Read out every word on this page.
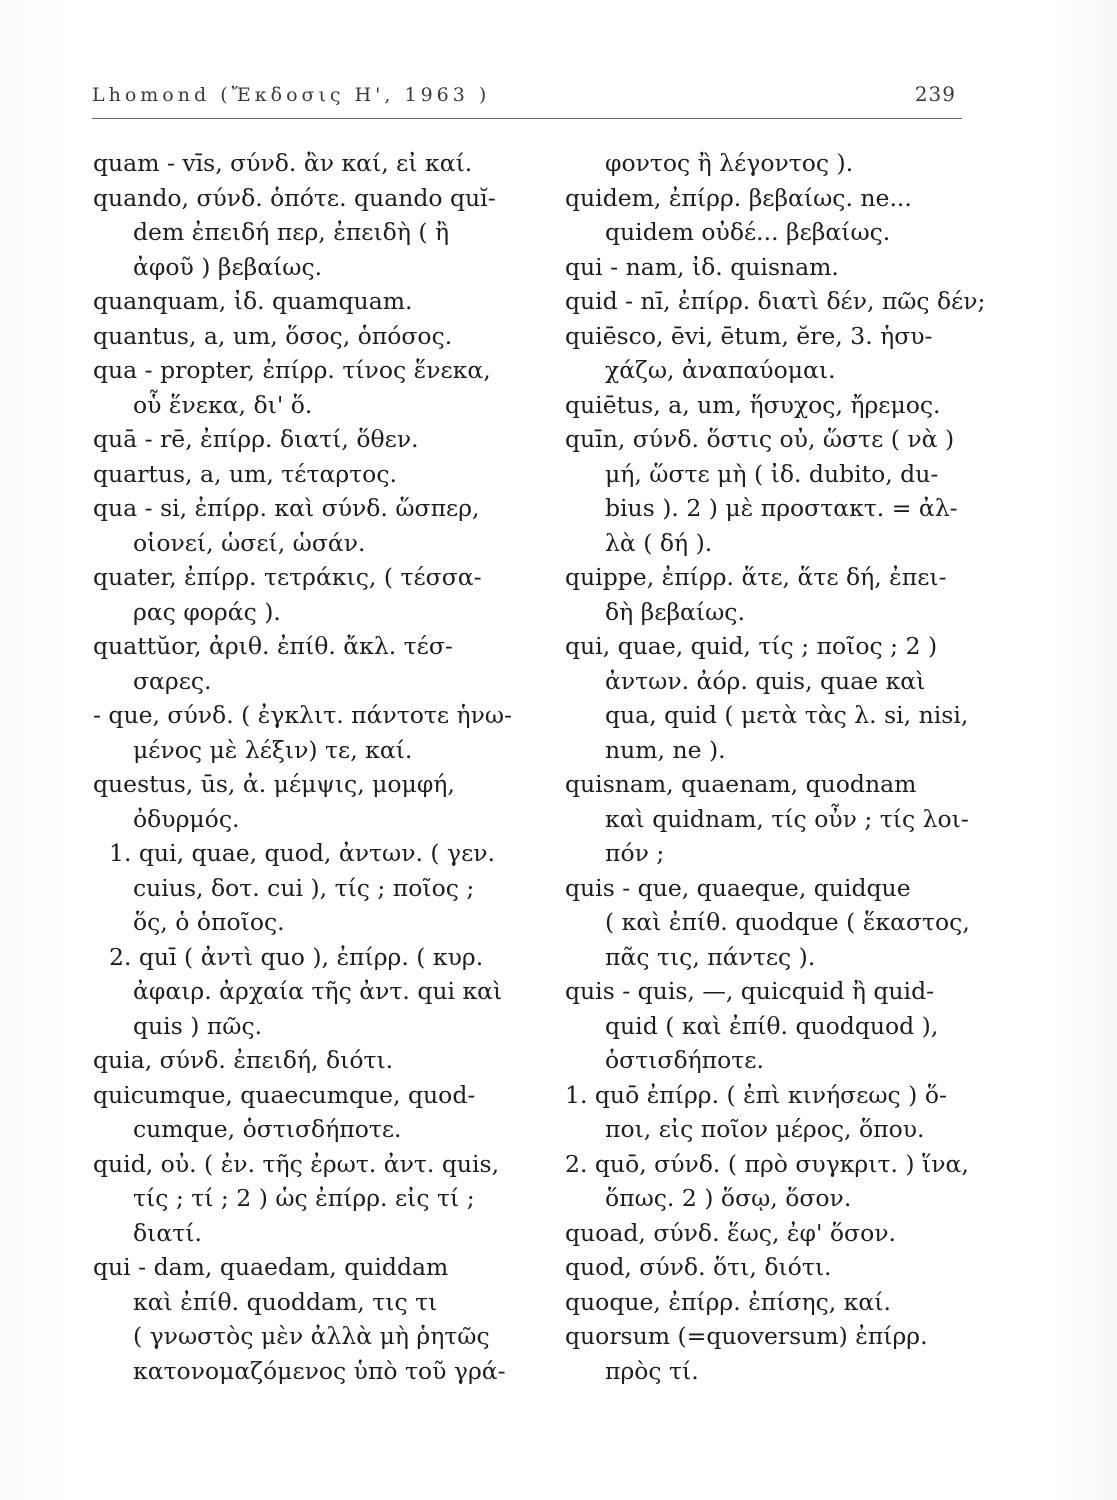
Lhomond (Ἔκδοσις Η', 1963 )	239
quam - vīs, σύνδ. ἂν καί, εἰ καί.
quando, σύνδ. ὁπότε. quando quĭ-
dem ἐπειδή περ, ἐπειδὴ ( ἢ
ἀφοῦ ) βεβαίως.
quanquam, ἰδ. quamquam.
quantus, a, um, ὅσος, ὁπόσος.
qua - propter, ἐπίρρ. τίνος ἕνεκα,
οὗ ἕνεκα, δι' ὅ.
quā - rē, ἐπίρρ. διατί, ὅθεν.
quartus, a, um, τέταρτος.
qua - si, ἐπίρρ. καὶ σύνδ. ὥσπερ,
οἱονεί, ὡσεί, ὡσάν.
quater, ἐπίρρ. τετράκις, ( τέσσα-
ρας φοράς ).
quattŭor, ἀριθ. ἐπίθ. ἄκλ. τέσ-
σαρες.
- que, σύνδ. ( ἐγκλιτ. πάντοτε ἡνω-
μένος μὲ λέξιν) τε, καί.
questus, ūs, ἀ. μέμψις, μομφή,
ὀδυρμός.
1. qui, quae, quod, ἀντων. ( γεν.
cuius, δοτ. cui ), τίς ; ποῖος ;
ὅς, ὁ ὁποῖος.
2. quī ( ἀντὶ quo ), ἐπίρρ. ( κυρ.
ἀφαιρ. ἀρχαία τῆς ἀντ. qui καὶ
quis ) πῶς.
quia, σύνδ. ἐπειδή, διότι.
quicumque, quaecumque, quod-
cumque, ὁστισδήποτε.
quid, οὐ. ( ἐν. τῆς ἐρωτ. ἀντ. quis,
τίς ; τί ; 2 ) ὡς ἐπίρρ. εἰς τί ;
διατί.
qui - dam, quaedam, quiddam
καὶ ἐπίθ. quoddam, τις τι
( γνωστὸς μὲν ἀλλὰ μὴ ῥητῶς
κατονομαζόμενος ὑπὸ τοῦ γρά-
φοντος ἢ λέγοντος ).
quidem, ἐπίρρ. βεβαίως. ne...
quidem οὐδέ... βεβαίως.
qui - nam, ἰδ. quisnam.
quid - nī, ἐπίρρ. διατὶ δέν, πῶς δέν;
quiēsco, ēvi, ētum, ĕre, 3. ἡσυ-
χάζω, ἀναπαύομαι.
quiētus, a, um, ἥσυχος, ἤρεμος.
quīn, σύνδ. ὅστις οὐ, ὥστε ( νὰ )
μή, ὥστε μὴ ( ἰδ. dubito, du-
bius ). 2 ) μὲ προστακτ. = ἀλ-
λὰ ( δή ).
quippe, ἐπίρρ. ἅτε, ἅτε δή, ἐπει-
δὴ βεβαίως.
qui, quae, quid, τίς ; ποῖος ; 2 )
ἀντων. ἀόρ. quis, quae καὶ
qua, quid ( μετὰ τὰς λ. si, nisi,
num, ne ).
quisnam, quaenam, quodnam
καὶ quidnam, τίς οὖν ; τίς λοι-
πόν ;
quis - que, quaeque, quidque
( καὶ ἐπίθ. quodque ( ἕκαστος,
πᾶς τις, πάντες ).
quis - quis, —, quicquid ἢ quid-
quid ( καὶ ἐπίθ. quodquod ),
ὁστισδήποτε.
1. quō ἐπίρρ. ( ἐπὶ κινήσεως ) ὅ-
ποι, εἰς ποῖον μέρος, ὅπου.
2. quō, σύνδ. ( πρὸ συγκριτ. ) ἵνα,
ὅπως. 2 ) ὅσῳ, ὅσον.
quoad, σύνδ. ἕως, ἐφ' ὅσον.
quod, σύνδ. ὅτι, διότι.
quoque, ἐπίρρ. ἐπίσης, καί.
quorsum (=quoversum) ἐπίρρ.
πρὸς τί.
